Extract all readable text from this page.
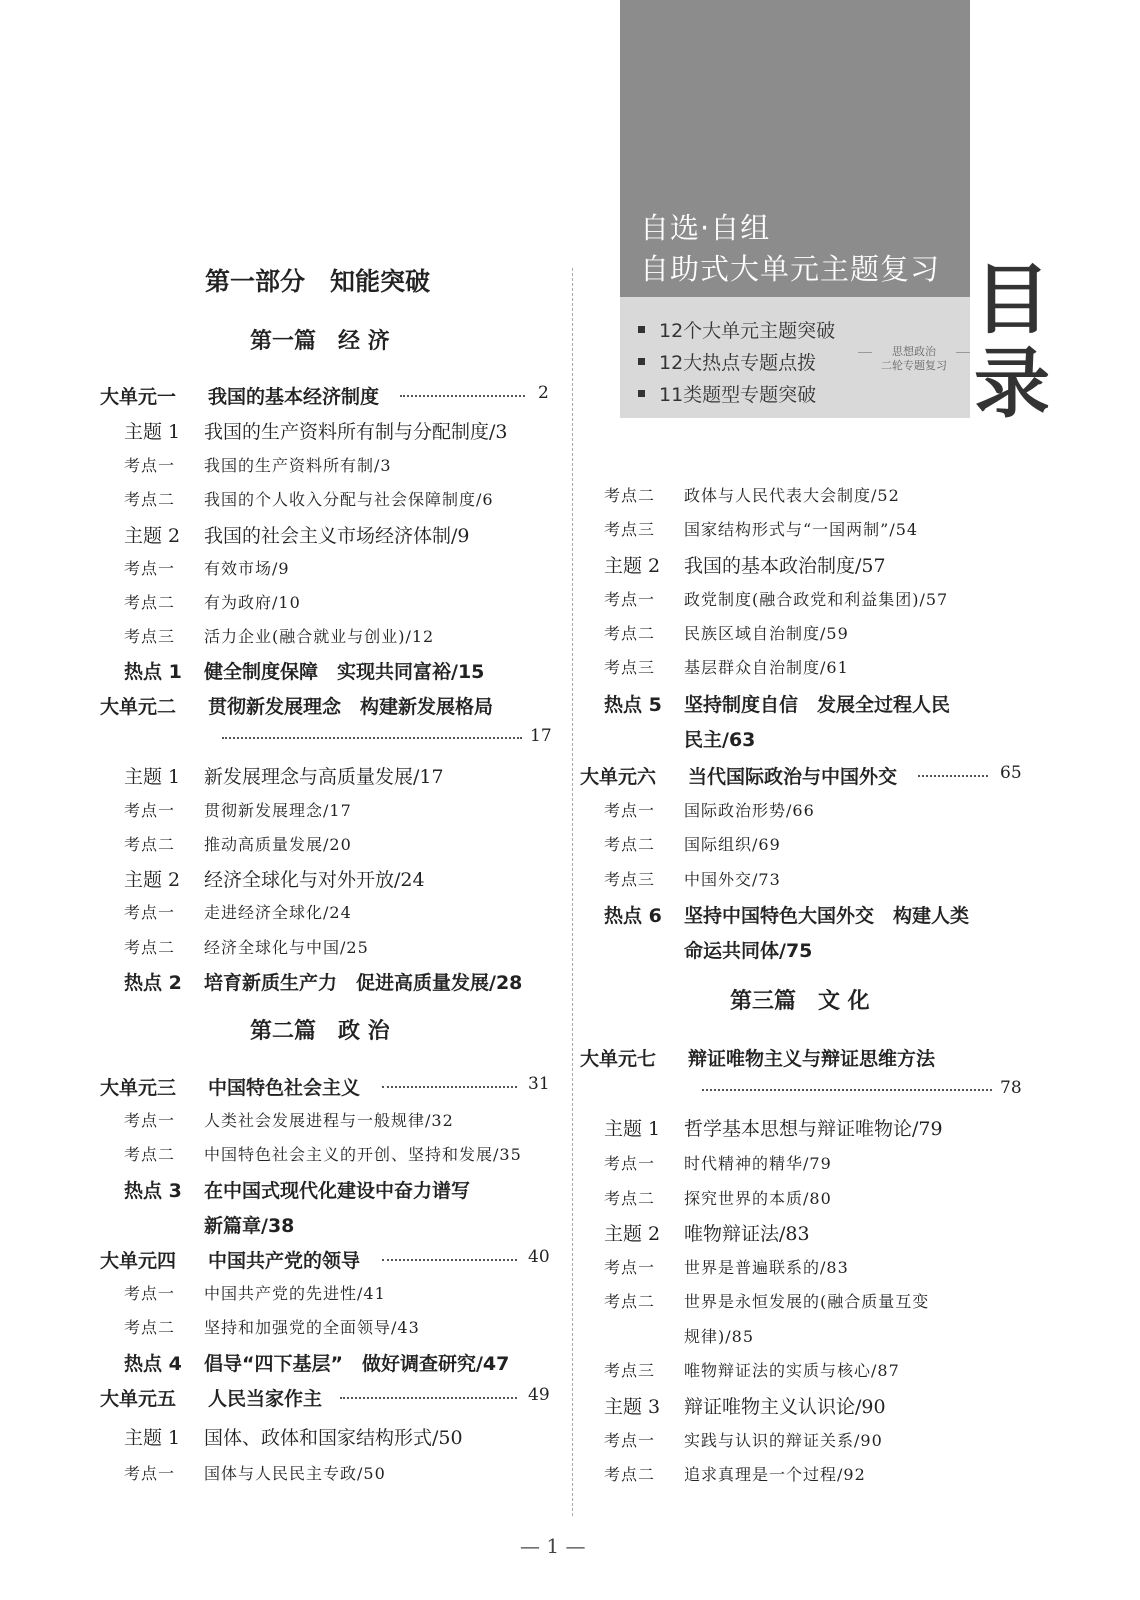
自选·自组
自助式大单元主题复习
12个大单元主题突破
12大热点专题点拨
11类题型专题突破
思想政治
二轮专题复习
目
录
第一部分　知能突破
第一篇　经 济
大单元一 我国的基本经济制度	2
主题 1 我国的生产资料所有制与分配制度/3
考点一 我国的生产资料所有制/3
考点二 我国的个人收入分配与社会保障制度/6
主题 2 我国的社会主义市场经济体制/9
考点一 有效市场/9
考点二 有为政府/10
考点三 活力企业(融合就业与创业)/12
热点 1 健全制度保障　实现共同富裕/15
大单元二 贯彻新发展理念　构建新发展格局
17
主题 1 新发展理念与高质量发展/17
考点一 贯彻新发展理念/17
考点二 推动高质量发展/20
主题 2 经济全球化与对外开放/24
考点一 走进经济全球化/24
考点二 经济全球化与中国/25
热点 2 培育新质生产力　促进高质量发展/28
第二篇　政 治
大单元三 中国特色社会主义	31
考点一 人类社会发展进程与一般规律/32
考点二 中国特色社会主义的开创、坚持和发展/35
热点 3 在中国式现代化建设中奋力谱写
新篇章/38
大单元四 中国共产党的领导	40
考点一 中国共产党的先进性/41
考点二 坚持和加强党的全面领导/43
热点 4 倡导“四下基层”　做好调查研究/47
大单元五 人民当家作主	49
主题 1 国体、政体和国家结构形式/50
考点一 国体与人民民主专政/50
考点二 政体与人民代表大会制度/52
考点三 国家结构形式与“一国两制”/54
主题 2 我国的基本政治制度/57
考点一 政党制度(融合政党和利益集团)/57
考点二 民族区域自治制度/59
考点三 基层群众自治制度/61
热点 5 坚持制度自信　发展全过程人民
民主/63
大单元六 当代国际政治与中国外交	65
考点一 国际政治形势/66
考点二 国际组织/69
考点三 中国外交/73
热点 6 坚持中国特色大国外交　构建人类
命运共同体/75
第三篇　文 化
大单元七 辩证唯物主义与辩证思维方法
78
主题 1 哲学基本思想与辩证唯物论/79
考点一 时代精神的精华/79
考点二 探究世界的本质/80
主题 2 唯物辩证法/83
考点一 世界是普遍联系的/83
考点二 世界是永恒发展的(融合质量互变
规律)/85
考点三 唯物辩证法的实质与核心/87
主题 3 辩证唯物主义认识论/90
考点一 实践与认识的辩证关系/90
考点二 追求真理是一个过程/92
— 1 —
